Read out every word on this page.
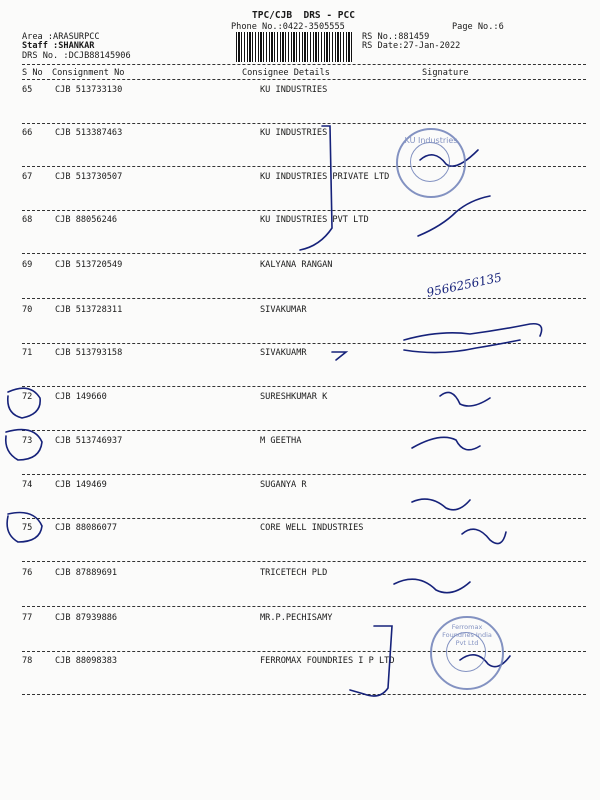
TPC/CJB  DRS - PCC
Phone No.:0422-3505555	Page No.:6
Area :ARASURPCC
Staff :SHANKAR
DRS No. :DCJB88145906
RS No.:881459
RS Date:27-Jan-2022
S No Consignment No	Consignee Details	Signature
65	CJB 513733130	KU INDUSTRIES
66	CJB 513387463	KU INDUSTRIES
67	CJB 513730507	KU INDUSTRIES PRIVATE LTD
68	CJB 88056246	KU INDUSTRIES PVT LTD
69	CJB 513720549	KALYANA RANGAN
70	CJB 513728311	SIVAKUMAR
71	CJB 513793158	SIVAKUAMR
72	CJB 149660	SURESHKUMAR K
73	CJB 513746937	M GEETHA
74	CJB 149469	SUGANYA R
75	CJB 88086077	CORE WELL INDUSTRIES
76	CJB 87889691	TRICETECH PLD
77	CJB 87939886	MR.P.PECHISAMY
78	CJB 88098383	FERROMAX FOUNDRIES I P LTD
KU Industries
Ferromax Foundries India Pvt Ltd
9566256135
